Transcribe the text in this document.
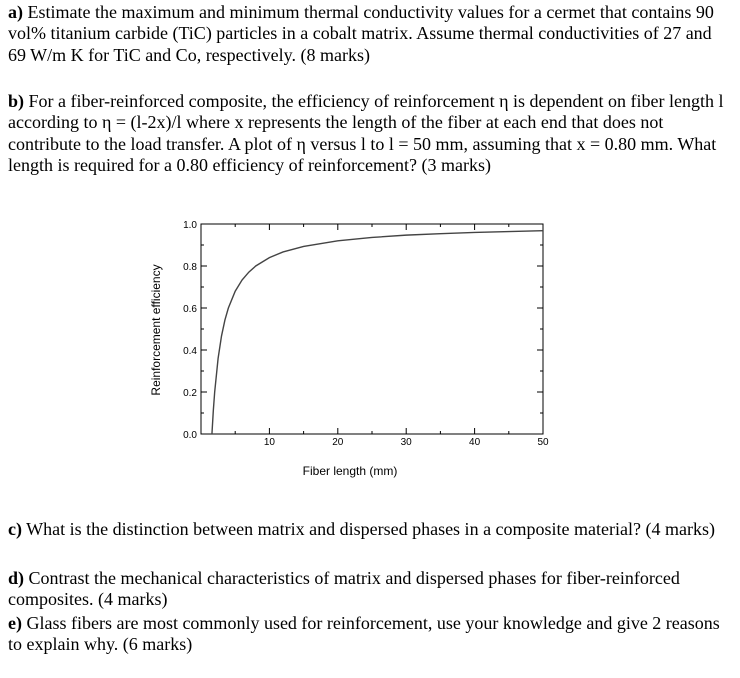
a) Estimate the maximum and minimum thermal conductivity values for a cermet that contains 90 vol% titanium carbide (TiC) particles in a cobalt matrix. Assume thermal conductivities of 27 and 69 W/m K for TiC and Co, respectively. (8 marks)

b) For a fiber-reinforced composite, the efficiency of reinforcement η is dependent on fiber length l according to η = (l-2x)/l where x represents the length of the fiber at each end that does not contribute to the load transfer. A plot of η versus l to l = 50 mm, assuming that x = 0.80 mm. What length is required for a 0.80 efficiency of reinforcement? (3 marks)

0.0
0.2
0.4
0.6
0.8
1.0
10	20	30	40	50
Fiber length (mm)
Reinforcement efficiency

c) What is the distinction between matrix and dispersed phases in a composite material? (4 marks)

d) Contrast the mechanical characteristics of matrix and dispersed phases for fiber-reinforced composites. (4 marks)

e) Glass fibers are most commonly used for reinforcement, use your knowledge and give 2 reasons to explain why. (6 marks)
